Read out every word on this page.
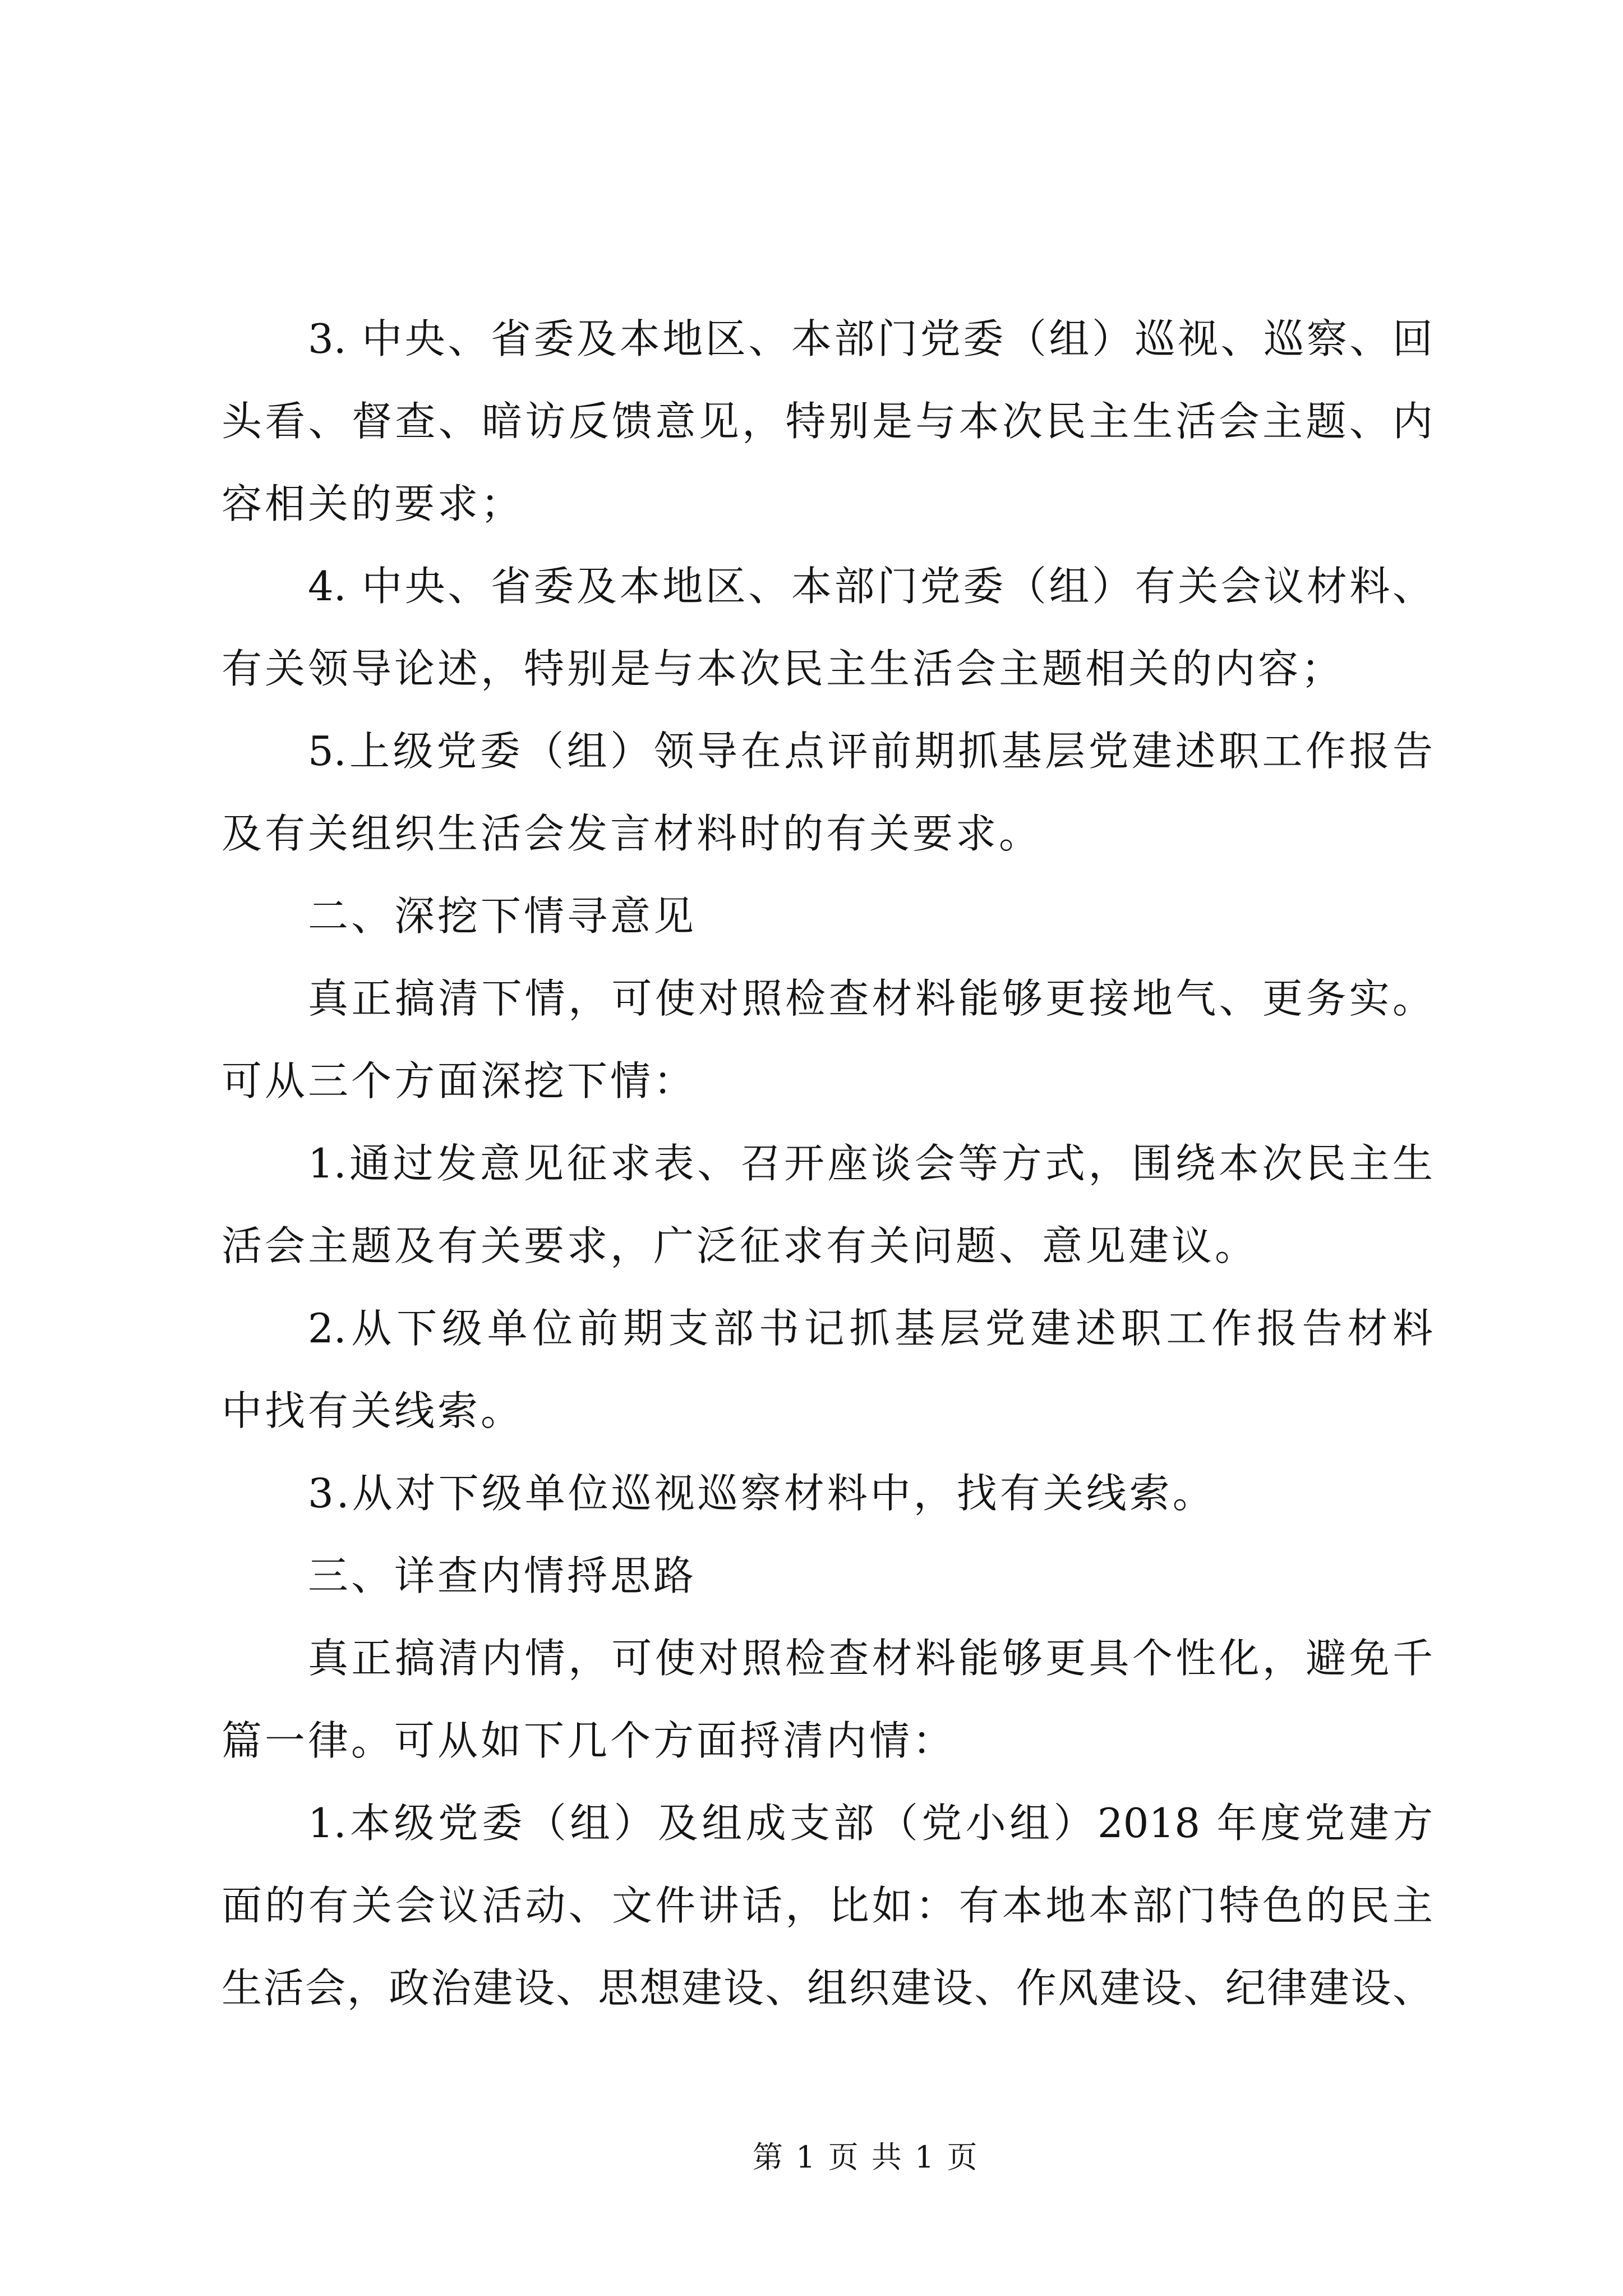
3. 中央、省委及本地区、本部门党委（组）巡视、巡察、回
头看、督查、暗访反馈意见，特别是与本次民主生活会主题、内
容相关的要求；
4. 中央、省委及本地区、本部门党委（组）有关会议材料、
有关领导论述，特别是与本次民主生活会主题相关的内容；
5.上级党委（组）领导在点评前期抓基层党建述职工作报告
及有关组织生活会发言材料时的有关要求。
二、深挖下情寻意见
真正搞清下情，可使对照检查材料能够更接地气、更务实。
可从三个方面深挖下情：
1.通过发意见征求表、召开座谈会等方式，围绕本次民主生
活会主题及有关要求，广泛征求有关问题、意见建议。
2.从下级单位前期支部书记抓基层党建述职工作报告材料
中找有关线索。
3.从对下级单位巡视巡察材料中，找有关线索。
三、详查内情捋思路
真正搞清内情，可使对照检查材料能够更具个性化，避免千
篇一律。可从如下几个方面捋清内情：
1.本级党委（组）及组成支部（党小组）2018 年度党建方
面的有关会议活动、文件讲话，比如：有本地本部门特色的民主
生活会，政治建设、思想建设、组织建设、作风建设、纪律建设、
第 1 页 共 1 页
